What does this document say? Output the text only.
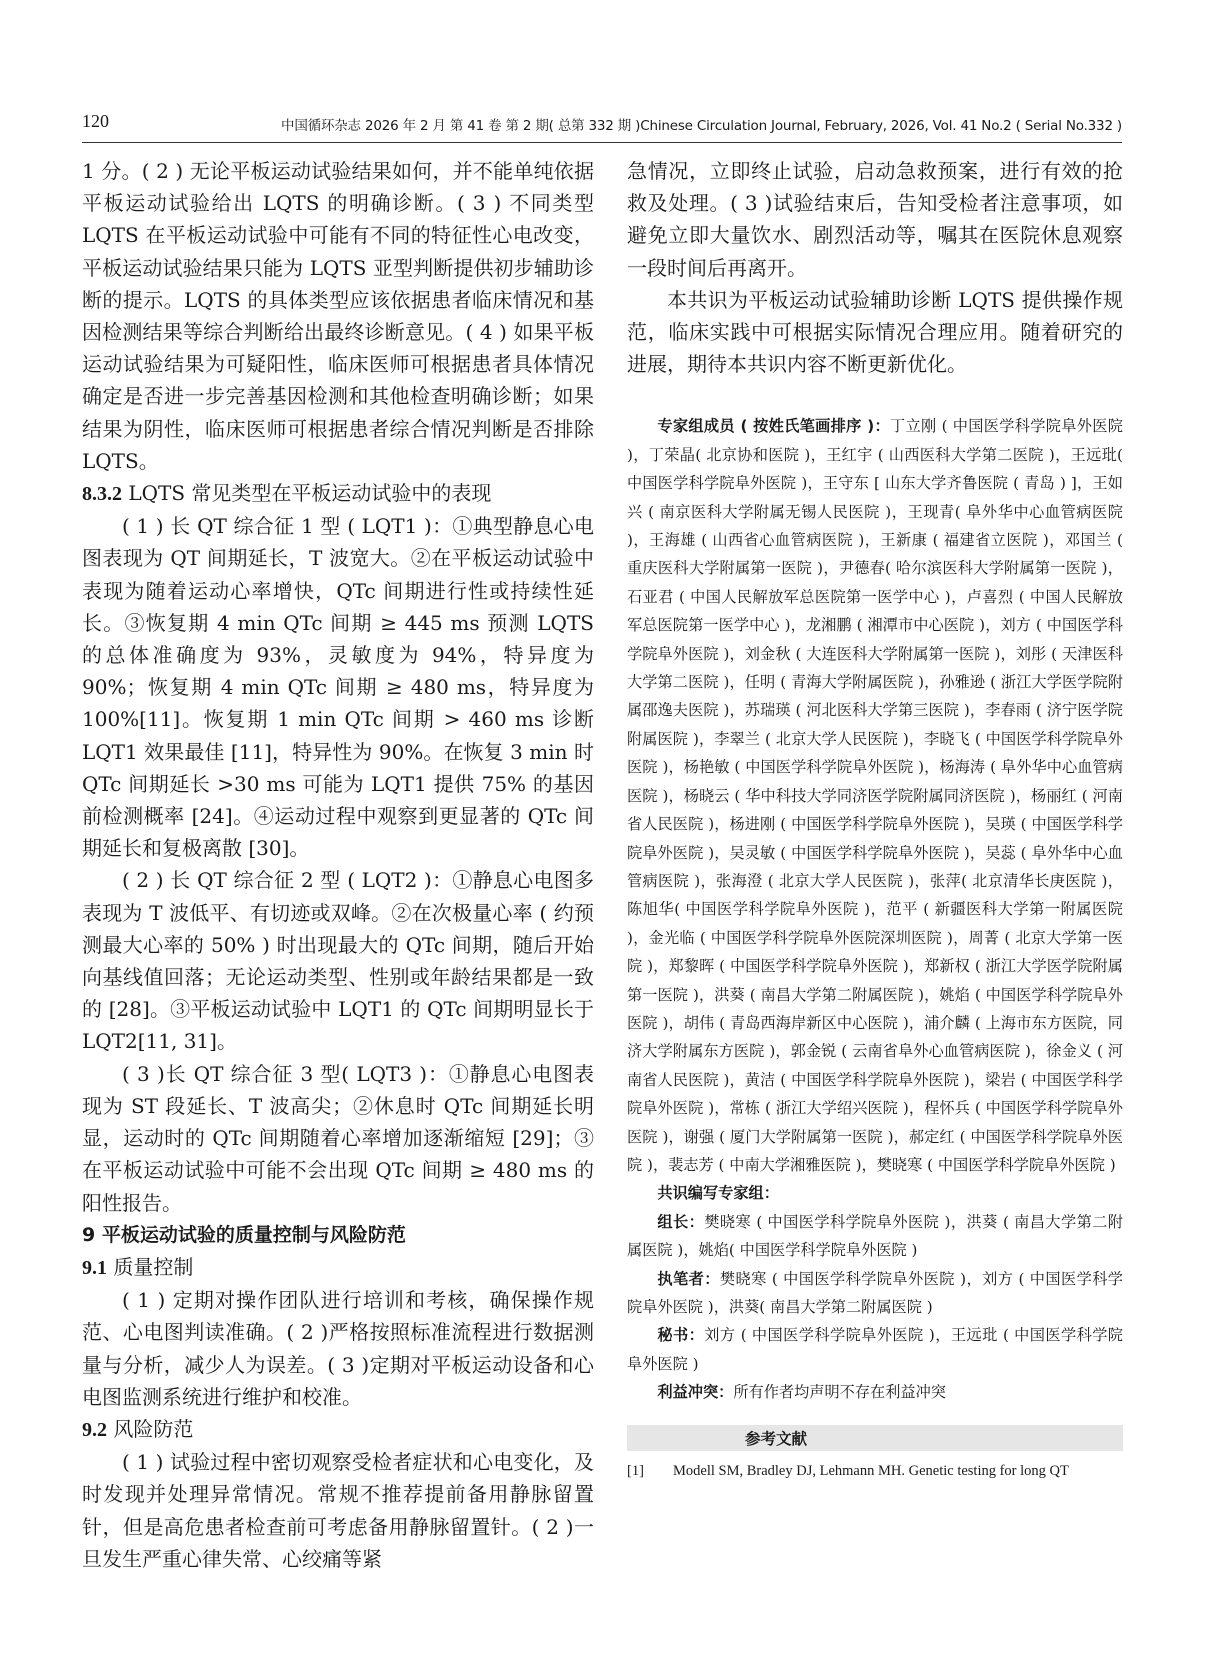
120	中国循环杂志 2026 年 2 月 第 41 卷 第 2 期( 总第 332 期 )Chinese Circulation Journal, February, 2026, Vol. 41 No.2 ( Serial No.332 )

1 分。( 2 ) 无论平板运动试验结果如何，并不能单纯依据平板运动试验给出 LQTS 的明确诊断。( 3 ) 不同类型 LQTS 在平板运动试验中可能有不同的特征性心电改变，平板运动试验结果只能为 LQTS 亚型判断提供初步辅助诊断的提示。LQTS 的具体类型应该依据患者临床情况和基因检测结果等综合判断给出最终诊断意见。( 4 ) 如果平板运动试验结果为可疑阳性，临床医师可根据患者具体情况确定是否进一步完善基因检测和其他检查明确诊断；如果结果为阴性，临床医师可根据患者综合情况判断是否排除 LQTS。

8.3.2 LQTS 常见类型在平板运动试验中的表现

( 1 ) 长 QT 综合征 1 型 ( LQT1 )：①典型静息心电图表现为 QT 间期延长，T 波宽大。②在平板运动试验中表现为随着运动心率增快，QTc 间期进行性或持续性延长。③恢复期 4 min QTc 间期 ≥ 445 ms 预测 LQTS 的总体准确度为 93%，灵敏度为 94%，特异度为 90%；恢复期 4 min QTc 间期 ≥ 480 ms，特异度为 100%[11]。恢复期 1 min QTc 间期 > 460 ms 诊断 LQT1 效果最佳 [11]，特异性为 90%。在恢复 3 min 时 QTc 间期延长 >30 ms 可能为 LQT1 提供 75% 的基因前检测概率 [24]。④运动过程中观察到更显著的 QTc 间期延长和复极离散 [30]。

( 2 ) 长 QT 综合征 2 型 ( LQT2 )：①静息心电图多表现为 T 波低平、有切迹或双峰。②在次极量心率 ( 约预测最大心率的 50% ) 时出现最大的 QTc 间期，随后开始向基线值回落；无论运动类型、性别或年龄结果都是一致的 [28]。③平板运动试验中 LQT1 的 QTc 间期明显长于 LQT2[11, 31]。

( 3 )长 QT 综合征 3 型( LQT3 )：①静息心电图表现为 ST 段延长、T 波高尖；②休息时 QTc 间期延长明显，运动时的 QTc 间期随着心率增加逐渐缩短 [29]；③在平板运动试验中可能不会出现 QTc 间期 ≥ 480 ms 的阳性报告。

9 平板运动试验的质量控制与风险防范

9.1 质量控制

( 1 ) 定期对操作团队进行培训和考核，确保操作规范、心电图判读准确。( 2 )严格按照标准流程进行数据测量与分析，减少人为误差。( 3 )定期对平板运动设备和心电图监测系统进行维护和校准。

9.2 风险防范

( 1 ) 试验过程中密切观察受检者症状和心电变化，及时发现并处理异常情况。常规不推荐提前备用静脉留置针，但是高危患者检查前可考虑备用静脉留置针。( 2 )一旦发生严重心律失常、心绞痛等紧

急情况，立即终止试验，启动急救预案，进行有效的抢救及处理。( 3 )试验结束后，告知受检者注意事项，如避免立即大量饮水、剧烈活动等，嘱其在医院休息观察一段时间后再离开。

本共识为平板运动试验辅助诊断 LQTS 提供操作规范，临床实践中可根据实际情况合理应用。随着研究的进展，期待本共识内容不断更新优化。

专家组成员 ( 按姓氏笔画排序 )：丁立刚 ( 中国医学科学院阜外医院 )，丁荣晶( 北京协和医院 )，王红宇 ( 山西医科大学第二医院 )，王远玭( 中国医学科学院阜外医院 )，王守东 [ 山东大学齐鲁医院 ( 青岛 ) ]，王如兴 ( 南京医科大学附属无锡人民医院 )，王现青( 阜外华中心血管病医院 )，王海雄 ( 山西省心血管病医院 )，王新康 ( 福建省立医院 )，邓国兰 ( 重庆医科大学附属第一医院 )，尹德春( 哈尔滨医科大学附属第一医院 )，石亚君 ( 中国人民解放军总医院第一医学中心 )，卢喜烈 ( 中国人民解放军总医院第一医学中心 )，龙湘鹏 ( 湘潭市中心医院 )，刘方 ( 中国医学科学院阜外医院 )，刘金秋 ( 大连医科大学附属第一医院 )，刘彤 ( 天津医科大学第二医院 )，任明 ( 青海大学附属医院 )，孙雅逊 ( 浙江大学医学院附属邵逸夫医院 )，苏瑞瑛 ( 河北医科大学第三医院 )，李春雨 ( 济宁医学院附属医院 )，李翠兰 ( 北京大学人民医院 )，李晓飞 ( 中国医学科学院阜外医院 )，杨艳敏 ( 中国医学科学院阜外医院 )，杨海涛 ( 阜外华中心血管病医院 )，杨晓云 ( 华中科技大学同济医学院附属同济医院 )，杨丽红 ( 河南省人民医院 )，杨进刚 ( 中国医学科学院阜外医院 )，吴瑛 ( 中国医学科学院阜外医院 )，吴灵敏 ( 中国医学科学院阜外医院 )，吴蕊 ( 阜外华中心血管病医院 )，张海澄 ( 北京大学人民医院 )，张萍( 北京清华长庚医院 )，陈旭华( 中国医学科学院阜外医院 )，范平 ( 新疆医科大学第一附属医院 )，金光临 ( 中国医学科学院阜外医院深圳医院 )，周菁 ( 北京大学第一医院 )，郑黎晖 ( 中国医学科学院阜外医院 )，郑新权 ( 浙江大学医学院附属第一医院 )，洪葵 ( 南昌大学第二附属医院 )，姚焰 ( 中国医学科学院阜外医院 )，胡伟 ( 青岛西海岸新区中心医院 )，浦介麟 ( 上海市东方医院，同济大学附属东方医院 )，郭金锐 ( 云南省阜外心血管病医院 )，徐金义 ( 河南省人民医院 )，黄洁 ( 中国医学科学院阜外医院 )，梁岩 ( 中国医学科学院阜外医院 )，常栋 ( 浙江大学绍兴医院 )，程怀兵 ( 中国医学科学院阜外医院 )，谢强 ( 厦门大学附属第一医院 )，郝定红 ( 中国医学科学院阜外医院 )，裴志芳 ( 中南大学湘雅医院 )，樊晓寒 ( 中国医学科学院阜外医院 )

共识编写专家组：

组长：樊晓寒 ( 中国医学科学院阜外医院 )，洪葵 ( 南昌大学第二附属医院 )，姚焰( 中国医学科学院阜外医院 )

执笔者：樊晓寒 ( 中国医学科学院阜外医院 )，刘方 ( 中国医学科学院阜外医院 )，洪葵( 南昌大学第二附属医院 )

秘书：刘方 ( 中国医学科学院阜外医院 )，王远玭 ( 中国医学科学院阜外医院 )

利益冲突：所有作者均声明不存在利益冲突

参考文献
[1]	Modell SM, Bradley DJ, Lehmann MH. Genetic testing for long QT
